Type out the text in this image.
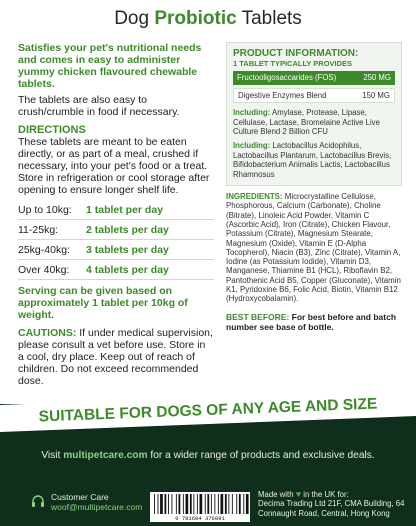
Dog Probiotic Tablets
Satisfies your pet's nutritional needs and comes in easy to administer yummy chicken flavoured chewable tablets.
The tablets are also easy to crush/crumble in food if necessary.
DIRECTIONS
These tablets are meant to be eaten directly, or as part of a meal, crushed if necessary, into your pet's food or a treat. Store in refrigeration or cool storage after opening to ensure longer shelf life.
Up to 10kg:	1 tablet per day
11-25kg:	2 tablets per day
25kg-40kg:	3 tablets per day
Over 40kg:	4 tablets per day
Serving can be given based on approximately 1 tablet per 10kg of weight.
CAUTIONS: If under medical supervision, please consult a vet before use. Store in a cool, dry place. Keep out of reach of children. Do not exceed recommended dose.
PRODUCT INFORMATION:
1 TABLET TYPICALLY PROVIDES
Fructooligosaccarides (FOS)	250 MG
Digestive Enzymes Blend	150 MG
Including: Amylase, Protease, Lipase, Cellulase, Lactase, Bromelaine Active Live Culture Blend 2 Billion CFU
Including: Lactobacillus Acidophilus, Lactobacillus Plantarum, Lactobacillus Brevis, Bifidobacterium Animalis Lactis, Lactobacillus Rhamnosus
INGREDIENTS: Microcrystalline Cellulose, Phosphorous, Calcium (Carbonate), Choline (Bitrate), Linoleic Acid Powder, Vitamin C (Ascorbic Acid), Iron (Citrate), Chicken Flavour, Potassium (Citrate), Magnesium Stearate, Magnesium (Oxide), Vitamin E (D-Alpha Tocopherol), Niacin (B3), Zinc (Citrate), Vitamin A, Iodine (as Potassium Iodide), Vitamin D3, Manganese, Thiamine B1 (HCL), Riboflavin B2, Pantothenic Acid B5, Copper (Gluconate), Vitamin K1, Pyridoxine B6, Folic Acid, Biotin, Vitamin B12 (Hydroxycobalamin).
BEST BEFORE: For best before and batch number see base of bottle.
SUITABLE FOR DOGS OF ANY AGE AND SIZE
Visit multipetcare.com for a wider range of products and exclusive deals.
Customer Care
woof@multipetcare.com
0 791684 376091
Made with ♥ in the UK for:
Decima Trading Ltd 21F, CMA Building, 64 Connaught Road, Central, Hong Kong
